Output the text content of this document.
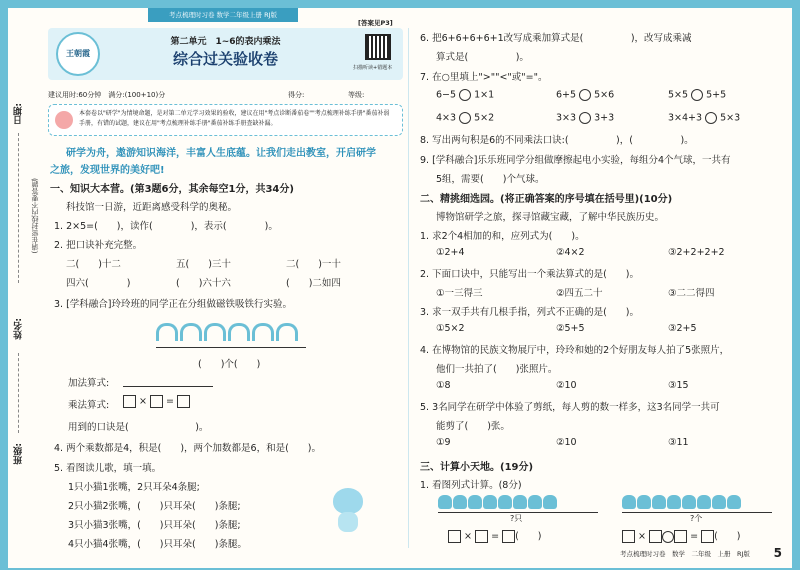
考点梳理时习卷 数学二年级上册 RJ版
日期:
(请在密封线内不要答题)
姓名:
班级:
王朝霞
第二单元　1~6的表内乘法
综合过关验收卷	扫描听读+错题本
[答案见P3]
建议用时:60分钟　满分:(100+10)分	得分:	等级:
本套卷以"研学"为情境命题，是对第二单元学习效果的验收，建议在用"考点诊断番茄卷""考点梳理补练手册"番茄补弱手册，有错的试题，建议在用"考点梳理补练手册"番茄补练手册查缺补漏。
研学为舟，遨游知识海洋，丰富人生底蕴。让我们走出教室，开启研学
之旅，发现世界的美好吧!
一、知识大本营。(第3题6分，其余每空1分，共34分)
科技馆一日游，近距离感受科学的奥秘。
1. 2×5=(　　)，读作(　　　　)，表示(　　　　)。
2. 把口诀补充完整。
二(　　)十二	五(　　)三十	二(　　)一十
四六(　　　　)	(　　)六十六	(　　)二如四
3. [学科融合]玲玲班的同学正在分组做磁铁吸铁行实验。
(　　)个(　　)
加法算式:
乘法算式:	×  =
用到的口诀是(　　　　　　　)。
4. 两个乘数都是4，积是(　　)，两个加数都是6，和是(　　)。
5. 看图读儿歌，填一填。
1只小猫1张嘴，2只耳朵4条腿;
2只小猫2张嘴，(　　)只耳朵(　　)条腿;
3只小猫3张嘴，(　　)只耳朵(　　)条腿;
4只小猫4张嘴，(　　)只耳朵(　　)条腿。
6. 把6+6+6+6+1改写成乘加算式是(　　　　　)，改写成乘减
算式是(　　　　　)。
7. 在○里填上">""<"或"="。
6−5 1×1	6+5 5×6	5×5 5+5
4×3 5×2	3×3 3+3	3×4+3 5×3
8. 写出两句积是6的不同乘法口诀:(　　　　　)，(　　　　　)。
9. [学科融合]乐乐班同学分组做摩擦起电小实验，每组分4个气球，一共有
5组，需要(　　)个气球。
二、精挑细选园。(将正确答案的序号填在括号里)(10分)
博物馆研学之旅，探寻馆藏宝藏，了解中华民族历史。
1. 求2个4相加的和，应列式为(　　)。
①2+4	②4×2	③2+2+2+2
2. 下面口诀中，只能写出一个乘法算式的是(　　)。
①一三得三	②四五二十	③二二得四
3. 求一双手共有几根手指，列式不正确的是(　　)。
①5×2	②5+5	③2+5
4. 在博物馆的民族文物展厅中，玲玲和她的2个好朋友每人拍了5张照片，
他们一共拍了(　　)张照片。
①8	②10	③15
5. 3名同学在研学中体验了剪纸，每人剪的数一样多，这3名同学一共可
能剪了(　　)张。
①9	②10	③11
三、计算小天地。(19分)
1. 看图列式计算。(8分)
?只	?个
× = (　　)	×	= (　　)
考点梳理时习卷　数学　二年级　上册　RJ版 5
